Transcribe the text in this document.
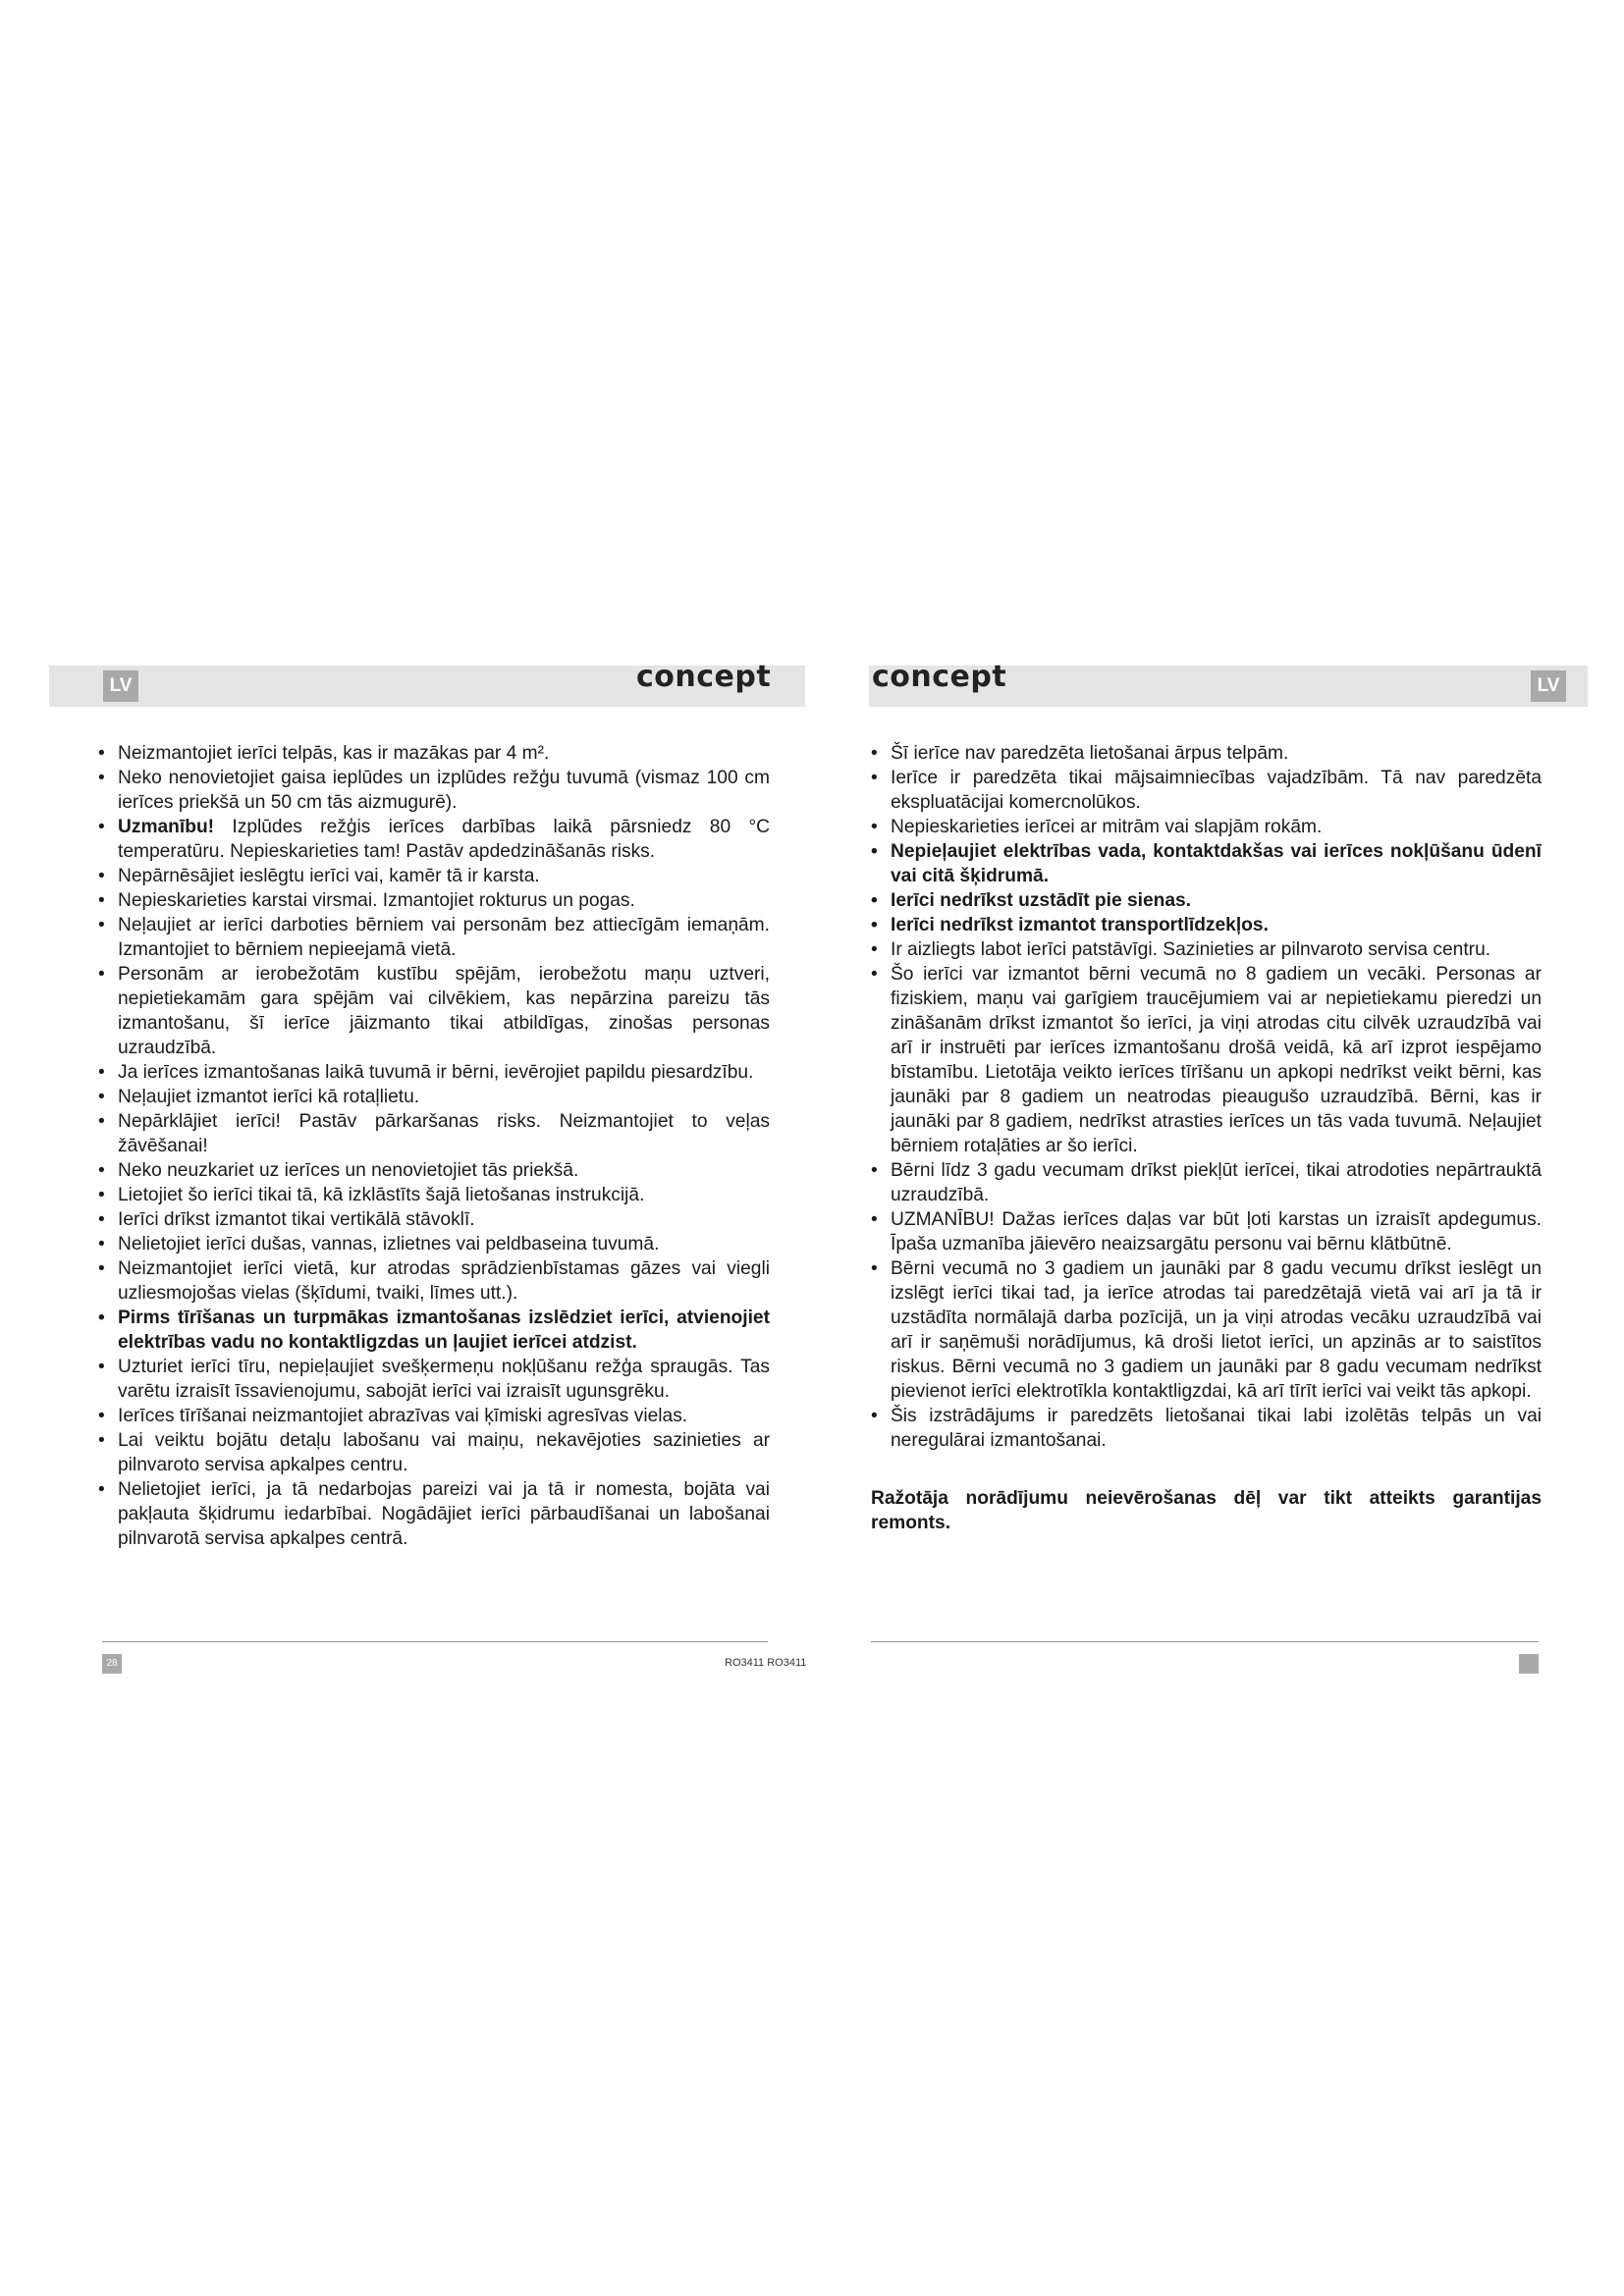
LV	LV
concept	concept
• Neizmantojiet ierīci telpās, kas ir mazākas par 4 m².
• Neko nenovietojiet gaisa ieplūdes un izplūdes režģu tuvumā (vismaz 100 cm ierīces priekšā un 50 cm tās aizmugurē).
• Uzmanību! Izplūdes režģis ierīces darbības laikā pārsniedz 80 °C temperatūru. Nepieskarieties tam! Pastāv apdedzināšanās risks.
• Nepārnēsājiet ieslēgtu ierīci vai, kamēr tā ir karsta.
• Nepieskarieties karstai virsmai. Izmantojiet rokturus un pogas.
• Neļaujiet ar ierīci darboties bērniem vai personām bez attiecīgām iemaņām. Izmantojiet to bērniem nepieejamā vietā.
• Personām ar ierobežotām kustību spējām, ierobežotu maņu uztveri, nepietiekamām gara spējām vai cilvēkiem, kas nepārzina pareizu tās izmantošanu, šī ierīce jāizmanto tikai atbildīgas, zinošas personas uzraudzībā.
• Ja ierīces izmantošanas laikā tuvumā ir bērni, ievērojiet papildu piesardzību.
• Neļaujiet izmantot ierīci kā rotaļlietu.
• Nepārklājiet ierīci! Pastāv pārkaršanas risks. Neizmantojiet to veļas žāvēšanai!
• Neko neuzkariet uz ierīces un nenovietojiet tās priekšā.
• Lietojiet šo ierīci tikai tā, kā izklāstīts šajā lietošanas instrukcijā.
• Ierīci drīkst izmantot tikai vertikālā stāvoklī.
• Nelietojiet ierīci dušas, vannas, izlietnes vai peldbaseina tuvumā.
• Neizmantojiet ierīci vietā, kur atrodas sprādzienbīstamas gāzes vai viegli uzliesmojošas vielas (šķīdumi, tvaiki, līmes utt.).
• Pirms tīrīšanas un turpmākas izmantošanas izslēdziet ierīci, atvienojiet elektrības vadu no kontaktligzdas un ļaujiet ierīcei atdzist.
• Uzturiet ierīci tīru, nepieļaujiet svešķermeņu nokļūšanu režģa spraugās. Tas varētu izraisīt īssavienojumu, sabojāt ierīci vai izraisīt ugunsgrēku.
• Ierīces tīrīšanai neizmantojiet abrazīvas vai ķīmiski agresīvas vielas.
• Lai veiktu bojātu detaļu labošanu vai maiņu, nekavējoties sazinieties ar pilnvaroto servisa apkalpes centru.
• Nelietojiet ierīci, ja tā nedarbojas pareizi vai ja tā ir nomesta, bojāta vai pakļauta šķidrumu iedarbībai. Nogādājiet ierīci pārbaudīšanai un labošanai pilnvarotā servisa apkalpes centrā.
• Šī ierīce nav paredzēta lietošanai ārpus telpām.
• Ierīce ir paredzēta tikai mājsaimniecības vajadzībām. Tā nav paredzēta ekspluatācijai komercnolūkos.
• Nepieskarieties ierīcei ar mitrām vai slapjām rokām.
• Nepieļaujiet elektrības vada, kontaktdakšas vai ierīces nokļūšanu ūdenī vai citā šķidrumā.
• Ierīci nedrīkst uzstādīt pie sienas.
• Ierīci nedrīkst izmantot transportlīdzekļos.
• Ir aizliegts labot ierīci patstāvīgi. Sazinieties ar pilnvaroto servisa centru.
• Šo ierīci var izmantot bērni vecumā no 8 gadiem un vecāki. Personas ar fiziskiem, maņu vai garīgiem traucējumiem vai ar nepietiekamu pieredzi un zināšanām drīkst izmantot šo ierīci, ja viņi atrodas citu cilvēk uzraudzībā vai arī ir instruēti par ierīces izmantošanu drošā veidā, kā arī izprot iespējamo bīstamību. Lietotāja veikto ierīces tīrīšanu un apkopi nedrīkst veikt bērni, kas jaunāki par 8 gadiem un neatrodas pieaugušo uzraudzībā. Bērni, kas ir jaunāki par 8 gadiem, nedrīkst atrasties ierīces un tās vada tuvumā. Neļaujiet bērniem rotaļāties ar šo ierīci.
• Bērni līdz 3 gadu vecumam drīkst piekļūt ierīcei, tikai atrodoties nepārtrauktā uzraudzībā.
• UZMANĪBU! Dažas ierīces daļas var būt ļoti karstas un izraisīt apdegumus. Īpaša uzmanība jāievēro neaizsargātu personu vai bērnu klātbūtnē.
• Bērni vecumā no 3 gadiem un jaunāki par 8 gadu vecumu drīkst ieslēgt un izslēgt ierīci tikai tad, ja ierīce atrodas tai paredzētajā vietā vai arī ja tā ir uzstādīta normālajā darba pozīcijā, un ja viņi atrodas vecāku uzraudzībā vai arī ir saņēmuši norādījumus, kā droši lietot ierīci, un apzinās ar to saistītos riskus. Bērni vecumā no 3 gadiem un jaunāki par 8 gadu vecumam nedrīkst pievienot ierīci elektrotīkla kontaktligzdai, kā arī tīrīt ierīci vai veikt tās apkopi.
• Šis izstrādājums ir paredzēts lietošanai tikai labi izolētās telpās un vai neregulārai izmantošanai.
Ražotāja norādījumu neievērošanas dēļ var tikt atteikts garantijas remonts.
28	RO3411 RO3411
